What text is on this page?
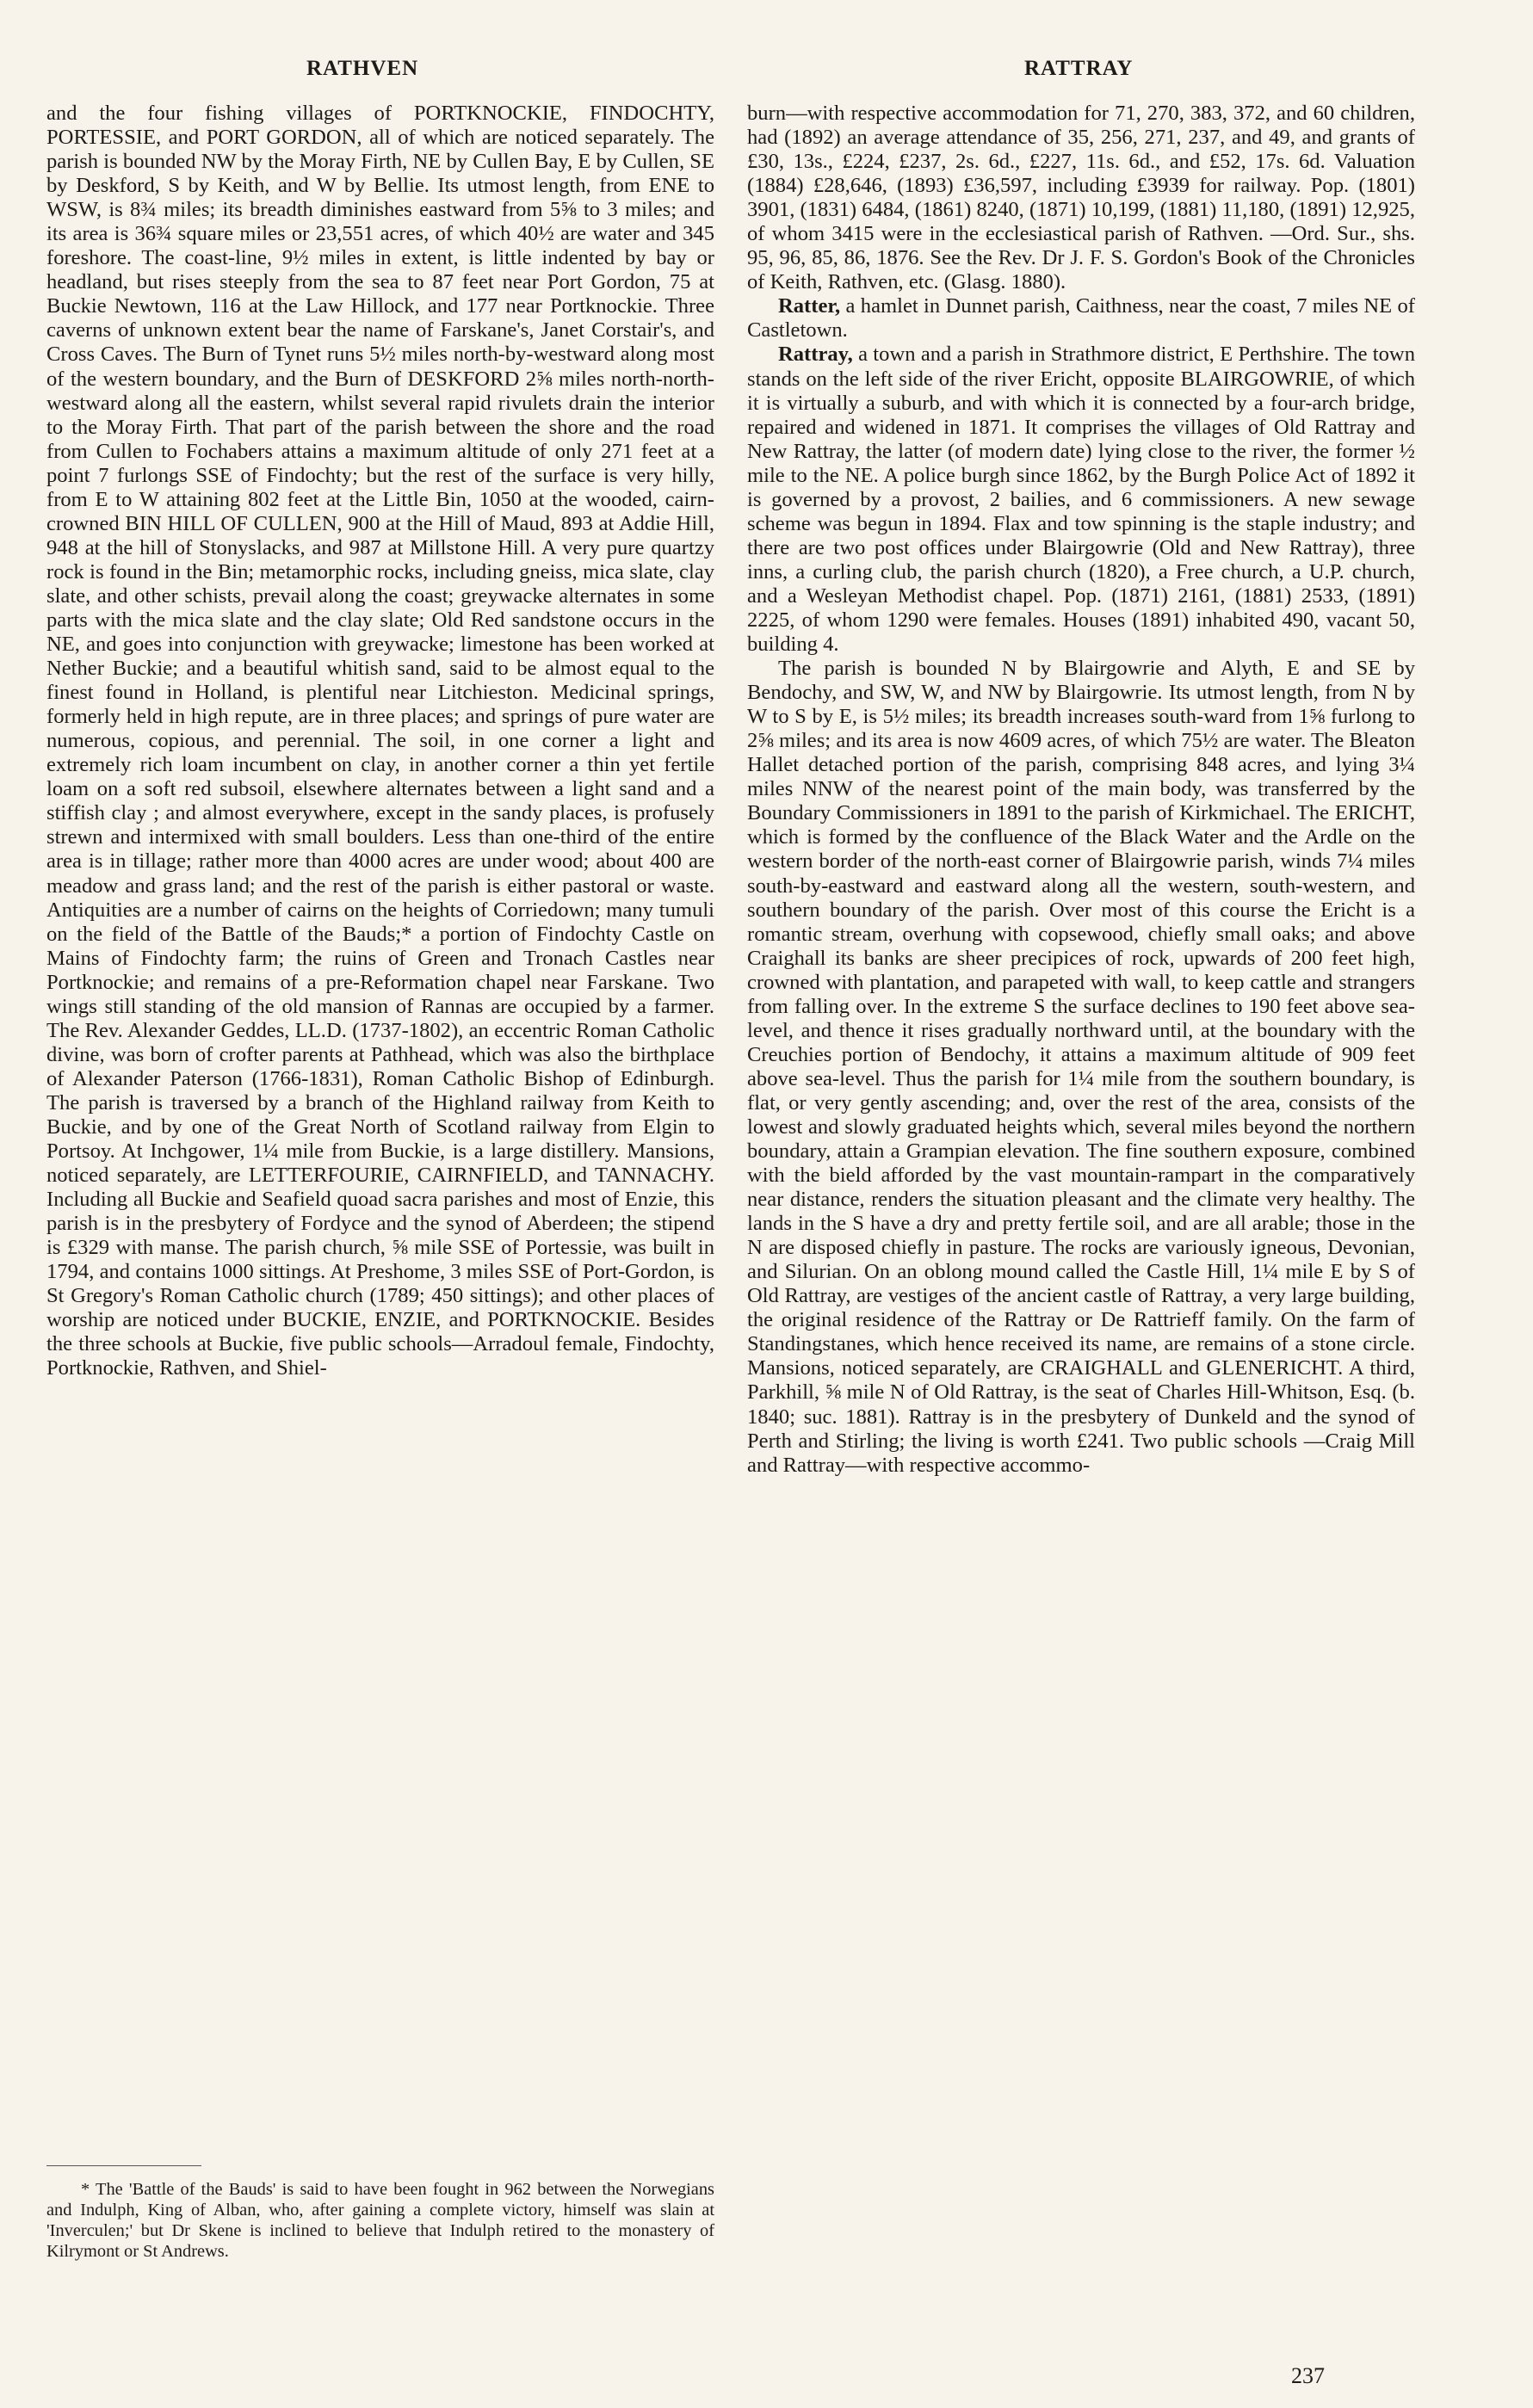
RATHVEN	RATTRAY

and the four fishing villages of PORTKNOCKIE, FINDOCHTY, PORTESSIE, and PORT GORDON, all of which are noticed separately. The parish is bounded NW by the Moray Firth, NE by Cullen Bay, E by Cullen, SE by Deskford, S by Keith, and W by Bellie. Its utmost length, from ENE to WSW, is 8¾ miles; its breadth diminishes eastward from 5⅝ to 3 miles; and its area is 36¾ square miles or 23,551 acres, of which 40½ are water and 345 foreshore. The coast-line, 9½ miles in extent, is little indented by bay or headland, but rises steeply from the sea to 87 feet near Port Gordon, 75 at Buckie Newtown, 116 at the Law Hillock, and 177 near Portknockie. Three caverns of unknown extent bear the name of Farskane's, Janet Corstair's, and Cross Caves. The Burn of Tynet runs 5½ miles north-by-westward along most of the western boundary, and the Burn of DESKFORD 2⅝ miles north-north-westward along all the eastern, whilst several rapid rivulets drain the interior to the Moray Firth. That part of the parish between the shore and the road from Cullen to Fochabers attains a maximum altitude of only 271 feet at a point 7 furlongs SSE of Findochty; but the rest of the surface is very hilly, from E to W attaining 802 feet at the Little Bin, 1050 at the wooded, cairn-crowned BIN HILL OF CULLEN, 900 at the Hill of Maud, 893 at Addie Hill, 948 at the hill of Stonyslacks, and 987 at Millstone Hill. A very pure quartzy rock is found in the Bin; metamorphic rocks, including gneiss, mica slate, clay slate, and other schists, prevail along the coast; greywacke alternates in some parts with the mica slate and the clay slate; Old Red sandstone occurs in the NE, and goes into conjunction with greywacke; limestone has been worked at Nether Buckie; and a beautiful whitish sand, said to be almost equal to the finest found in Holland, is plentiful near Litchieston. Medicinal springs, formerly held in high repute, are in three places; and springs of pure water are numerous, copious, and perennial. The soil, in one corner a light and extremely rich loam incumbent on clay, in another corner a thin yet fertile loam on a soft red subsoil, elsewhere alternates between a light sand and a stiffish clay ; and almost everywhere, except in the sandy places, is profusely strewn and intermixed with small boulders. Less than one-third of the entire area is in tillage; rather more than 4000 acres are under wood; about 400 are meadow and grass land; and the rest of the parish is either pastoral or waste. Antiquities are a number of cairns on the heights of Corriedown; many tumuli on the field of the Battle of the Bauds;* a portion of Findochty Castle on Mains of Findochty farm; the ruins of Green and Tronach Castles near Portknockie; and remains of a pre-Reformation chapel near Farskane. Two wings still standing of the old mansion of Rannas are occupied by a farmer. The Rev. Alexander Geddes, LL.D. (1737-1802), an eccentric Roman Catholic divine, was born of crofter parents at Pathhead, which was also the birthplace of Alexander Paterson (1766-1831), Roman Catholic Bishop of Edinburgh. The parish is traversed by a branch of the Highland railway from Keith to Buckie, and by one of the Great North of Scotland railway from Elgin to Portsoy. At Inchgower, 1¼ mile from Buckie, is a large distillery. Mansions, noticed separately, are LETTERFOURIE, CAIRNFIELD, and TANNACHY. Including all Buckie and Seafield quoad sacra parishes and most of Enzie, this parish is in the presbytery of Fordyce and the synod of Aberdeen; the stipend is £329 with manse. The parish church, ⅝ mile SSE of Portessie, was built in 1794, and contains 1000 sittings. At Preshome, 3 miles SSE of Port-Gordon, is St Gregory's Roman Catholic church (1789; 450 sittings); and other places of worship are noticed under BUCKIE, ENZIE, and PORTKNOCKIE. Besides the three schools at Buckie, five public schools—Arradoul female, Findochty, Portknockie, Rathven, and Shiel-

burn—with respective accommodation for 71, 270, 383, 372, and 60 children, had (1892) an average attendance of 35, 256, 271, 237, and 49, and grants of £30, 13s., £224, £237, 2s. 6d., £227, 11s. 6d., and £52, 17s. 6d. Valuation (1884) £28,646, (1893) £36,597, including £3939 for railway. Pop. (1801) 3901, (1831) 6484, (1861) 8240, (1871) 10,199, (1881) 11,180, (1891) 12,925, of whom 3415 were in the ecclesiastical parish of Rathven. —Ord. Sur., shs. 95, 96, 85, 86, 1876. See the Rev. Dr J. F. S. Gordon's Book of the Chronicles of Keith, Rathven, etc. (Glasg. 1880).

Ratter, a hamlet in Dunnet parish, Caithness, near the coast, 7 miles NE of Castletown.

Rattray, a town and a parish in Strathmore district, E Perthshire. The town stands on the left side of the river Ericht, opposite BLAIRGOWRIE, of which it is virtually a suburb, and with which it is connected by a four-arch bridge, repaired and widened in 1871. It comprises the villages of Old Rattray and New Rattray, the latter (of modern date) lying close to the river, the former ½ mile to the NE. A police burgh since 1862, by the Burgh Police Act of 1892 it is governed by a provost, 2 bailies, and 6 commissioners. A new sewage scheme was begun in 1894. Flax and tow spinning is the staple industry; and there are two post offices under Blairgowrie (Old and New Rattray), three inns, a curling club, the parish church (1820), a Free church, a U.P. church, and a Wesleyan Methodist chapel. Pop. (1871) 2161, (1881) 2533, (1891) 2225, of whom 1290 were females. Houses (1891) inhabited 490, vacant 50, building 4.

The parish is bounded N by Blairgowrie and Alyth, E and SE by Bendochy, and SW, W, and NW by Blairgowrie. Its utmost length, from N by W to S by E, is 5½ miles; its breadth increases south-ward from 1⅝ furlong to 2⅝ miles; and its area is now 4609 acres, of which 75½ are water. The Bleaton Hallet detached portion of the parish, comprising 848 acres, and lying 3¼ miles NNW of the nearest point of the main body, was transferred by the Boundary Commissioners in 1891 to the parish of Kirkmichael. The ERICHT, which is formed by the confluence of the Black Water and the Ardle on the western border of the north-east corner of Blairgowrie parish, winds 7¼ miles south-by-eastward and eastward along all the western, south-western, and southern boundary of the parish. Over most of this course the Ericht is a romantic stream, overhung with copsewood, chiefly small oaks; and above Craighall its banks are sheer precipices of rock, upwards of 200 feet high, crowned with plantation, and parapeted with wall, to keep cattle and strangers from falling over. In the extreme S the surface declines to 190 feet above sea-level, and thence it rises gradually northward until, at the boundary with the Creuchies portion of Bendochy, it attains a maximum altitude of 909 feet above sea-level. Thus the parish for 1¼ mile from the southern boundary, is flat, or very gently ascending; and, over the rest of the area, consists of the lowest and slowly graduated heights which, several miles beyond the northern boundary, attain a Grampian elevation. The fine southern exposure, combined with the bield afforded by the vast mountain-rampart in the comparatively near distance, renders the situation pleasant and the climate very healthy. The lands in the S have a dry and pretty fertile soil, and are all arable; those in the N are disposed chiefly in pasture. The rocks are variously igneous, Devonian, and Silurian. On an oblong mound called the Castle Hill, 1¼ mile E by S of Old Rattray, are vestiges of the ancient castle of Rattray, a very large building, the original residence of the Rattray or De Rattrieff family. On the farm of Standingstanes, which hence received its name, are remains of a stone circle. Mansions, noticed separately, are CRAIGHALL and GLENERICHT. A third, Parkhill, ⅝ mile N of Old Rattray, is the seat of Charles Hill-Whitson, Esq. (b. 1840; suc. 1881). Rattray is in the presbytery of Dunkeld and the synod of Perth and Stirling; the living is worth £241. Two public schools —Craig Mill and Rattray—with respective accommo-

* The 'Battle of the Bauds' is said to have been fought in 962 between the Norwegians and Indulph, King of Alban, who, after gaining a complete victory, himself was slain at 'Inverculen;' but Dr Skene is inclined to believe that Indulph retired to the monastery of Kilrymont or St Andrews.
237
